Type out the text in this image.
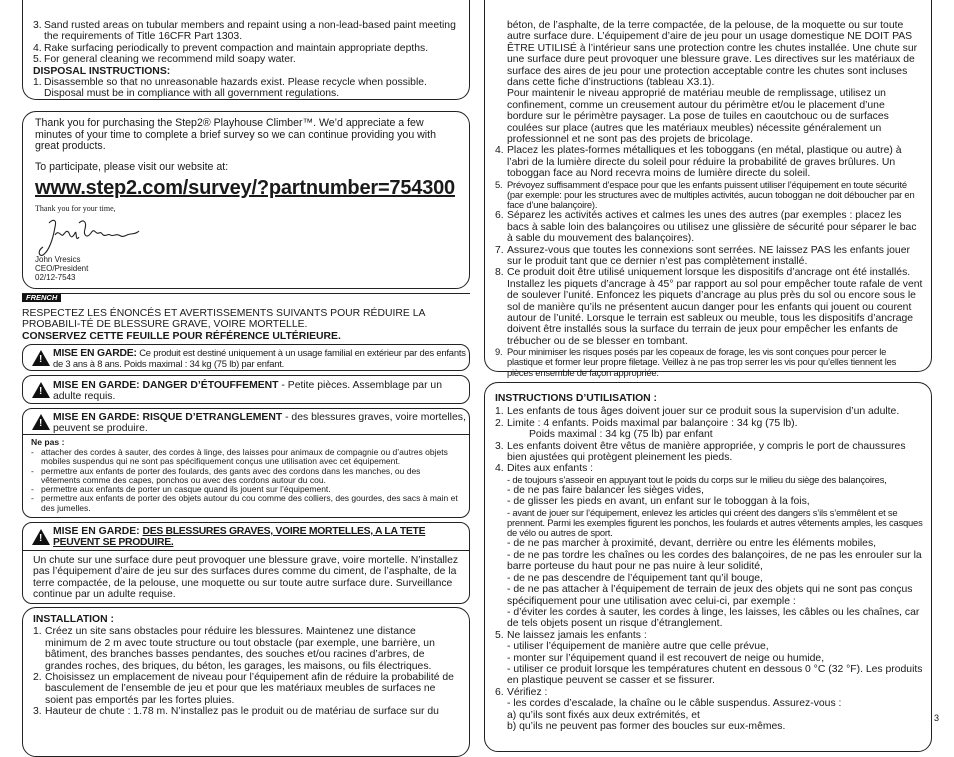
3. Sand rusted areas on tubular members and repaint using a non-lead-based paint meeting the requirements of Title 16CFR Part 1303.
4. Rake surfacing periodically to prevent compaction and maintain appropriate depths.
5. For general cleaning we recommend mild soapy water.
DISPOSAL INSTRUCTIONS:
1. Disassemble so that no unreasonable hazards exist. Please recycle when possible. Disposal must be in compliance with all government regulations.
Thank you for purchasing the Step2® Playhouse Climber™. We’d appreciate a few minutes of your time to complete a brief survey so we can continue providing you with great products.
To participate, please visit our website at:
www.step2.com/survey/?partnumber=754300
Thank you for your time,
John Vresics
CEO/President
02/12-7543
FRENCH
RESPECTEZ LES ÉNONCÉS ET AVERTISSEMENTS SUIVANTS POUR RÉDUIRE LA PROBABILI-TÉ DE BLESSURE GRAVE, VOIRE MORTELLE.
CONSERVEZ CETTE FEUILLE POUR RÉFÉRENCE ULTÉRIEURE.
!
MISE EN GARDE: Ce produit est destiné uniquement à un usage familial en extérieur par des enfants de 3 ans à 8 ans. Poids maximal : 34 kg (75 lb) par enfant.
!
MISE EN GARDE: DANGER D’ÉTOUFFEMENT - Petite pièces. Assemblage par un adulte requis.
!
MISE EN GARDE: RISQUE D’ETRANGLEMENT - des blessures graves, voire mortelles, peuvent se produire.
Ne pas :
- attacher des cordes à sauter, des cordes à linge, des laisses pour animaux de compagnie ou d’autres objets mobiles suspendus qui ne sont pas spécifiquement conçus une utilisation avec cet équipement.
- permettre aux enfants de porter des foulards, des gants avec des cordons dans les manches, ou des vêtements comme des capes, ponchos ou avec des cordons autour du cou.
- permettre aux enfants de porter un casque quand ils jouent sur l’équipement.
- permettre aux enfants de porter des objets autour du cou comme des colliers, des gourdes, des sacs à main et des jumelles.
!
MISE EN GARDE: DES BLESSURES GRAVES, VOIRE MORTELLES, A LA TETE PEUVENT SE PRODUIRE.
Un chute sur une surface dure peut provoquer une blessure grave, voire mortelle. N’installez pas l’équipement d’aire de jeu sur des surfaces dures comme du ciment, de l’asphalte, de la terre compactée, de la pelouse, une moquette ou sur toute autre surface dure. Surveillance continue par un adulte requise.
INSTALLATION :
1. Créez un site sans obstacles pour réduire les blessures. Maintenez une distance minimum de 2 m avec toute structure ou tout obstacle (par exemple, une barrière, un bâtiment, des branches basses pendantes, des souches et/ou racines d’arbres, de grandes roches, des briques, du béton, les garages, les maisons, ou fils électriques.
2. Choisissez un emplacement de niveau pour l’équipement afin de réduire la probabilité de basculement de l’ensemble de jeu et pour que les matériaux meubles de surfaces ne soient pas emportés par les fortes pluies.
3. Hauteur de chute : 1.78 m. N’installez pas le produit ou de matériau de surface sur du
béton, de l’asphalte, de la terre compactée, de la pelouse, de la moquette ou sur toute autre surface dure. L’équipement d’aire de jeu pour un usage domestique NE DOIT PAS ÊTRE UTILISÉ à l’intérieur sans une protection contre les chutes installée. Une chute sur une surface dure peut provoquer une blessure grave. Les directives sur les matériaux de surface des aires de jeu pour une protection acceptable contre les chutes sont incluses dans cette fiche d’instructions (tableau X3.1).
Pour maintenir le niveau approprié de matériau meuble de remplissage, utilisez un confinement, comme un creusement autour du périmètre et/ou le placement d’une bordure sur le périmètre paysager. La pose de tuiles en caoutchouc ou de surfaces coulées sur place (autres que les matériaux meubles) nécessite généralement un professionnel et ne sont pas des projets de bricolage.
4. Placez les plates-formes métalliques et les toboggans (en métal, plastique ou autre) à l’abri de la lumière directe du soleil pour réduire la probabilité de graves brûlures. Un toboggan face au Nord recevra moins de lumière directe du soleil.
5. Prévoyez suffisamment d’espace pour que les enfants puissent utiliser l’équipement en toute sécurité (par exemple: pour les structures avec de multiples activités, aucun toboggan ne doit déboucher par en face d’une balançoire).
6. Séparez les activités actives et calmes les unes des autres (par exemples : placez les bacs à sable loin des balançoires ou utilisez une glissière de sécurité pour séparer le bac à sable du mouvement des balançoires).
7. Assurez-vous que toutes les connexions sont serrées. NE laissez PAS les enfants jouer sur le produit tant que ce dernier n’est pas complètement installé.
8. Ce produit doit être utilisé uniquement lorsque les dispositifs d’ancrage ont été installés. Installez les piquets d’ancrage à 45° par rapport au sol pour empêcher toute rafale de vent de soulever l’unité. Enfoncez les piquets d’ancrage au plus près du sol ou encore sous le sol de manière qu’ils ne présentent aucun danger pour les enfants qui jouent ou courent autour de l’unité. Lorsque le terrain est sableux ou meuble, tous les dispositifs d’ancrage doivent être installés sous la surface du terrain de jeux pour empêcher les enfants de trébucher ou de se blesser en tombant.
9. Pour minimiser les risques posés par les copeaux de forage, les vis sont conçues pour percer le plastique et former leur propre filetage. Veillez à ne pas trop serrer les vis pour qu’elles tiennent les pièces ensemble de façon appropriée.
INSTRUCTIONS D’UTILISATION :
1. Les enfants de tous âges doivent jouer sur ce produit sous la supervision d’un adulte.
2. Limite : 4 enfants. Poids maximal par balançoire : 34 kg (75 lb).
Poids maximal : 34 kg (75 lb) par enfant
3. Les enfants doivent être vêtus de manière appropriée, y compris le port de chaussures bien ajustées qui protègent pleinement les pieds.
4. Dites aux enfants :
- de toujours s’asseoir en appuyant tout le poids du corps sur le milieu du siège des balançoires,
- de ne pas faire balancer les sièges vides,
- de glisser les pieds en avant, un enfant sur le toboggan à la fois,
- avant de jouer sur l’équipement, enlevez les articles qui créent des dangers s’ils s’emmêlent et se prennent. Parmi les exemples figurent les ponchos, les foulards et autres vêtements amples, les casques de vélo ou autres de sport.
- de ne pas marcher à proximité, devant, derrière ou entre les éléments mobiles,
- de ne pas tordre les chaînes ou les cordes des balançoires, de ne pas les enrouler sur la barre porteuse du haut pour ne pas nuire à leur solidité,
- de ne pas descendre de l’équipement tant qu’il bouge,
- de ne pas attacher à l’équipement de terrain de jeux des objets qui ne sont pas conçus spécifiquement pour une utilisation avec celui-ci, par exemple :
- d’éviter les cordes à sauter, les cordes à linge, les laisses, les câbles ou les chaînes, car de tels objets posent un risque d’étranglement.
5. Ne laissez jamais les enfants :
- utiliser l’équipement de manière autre que celle prévue,
- monter sur l’équipement quand il est recouvert de neige ou humide,
- utiliser ce produit lorsque les températures chutent en dessous 0 °C (32 °F). Les produits en plastique peuvent se casser et se fissurer.
6. Vérifiez :
- les cordes d’escalade, la chaîne ou le câble suspendus. Assurez-vous :
a) qu’ils sont fixés aux deux extrémités, et
b) qu’ils ne peuvent pas former des boucles sur eux-mêmes.
3
